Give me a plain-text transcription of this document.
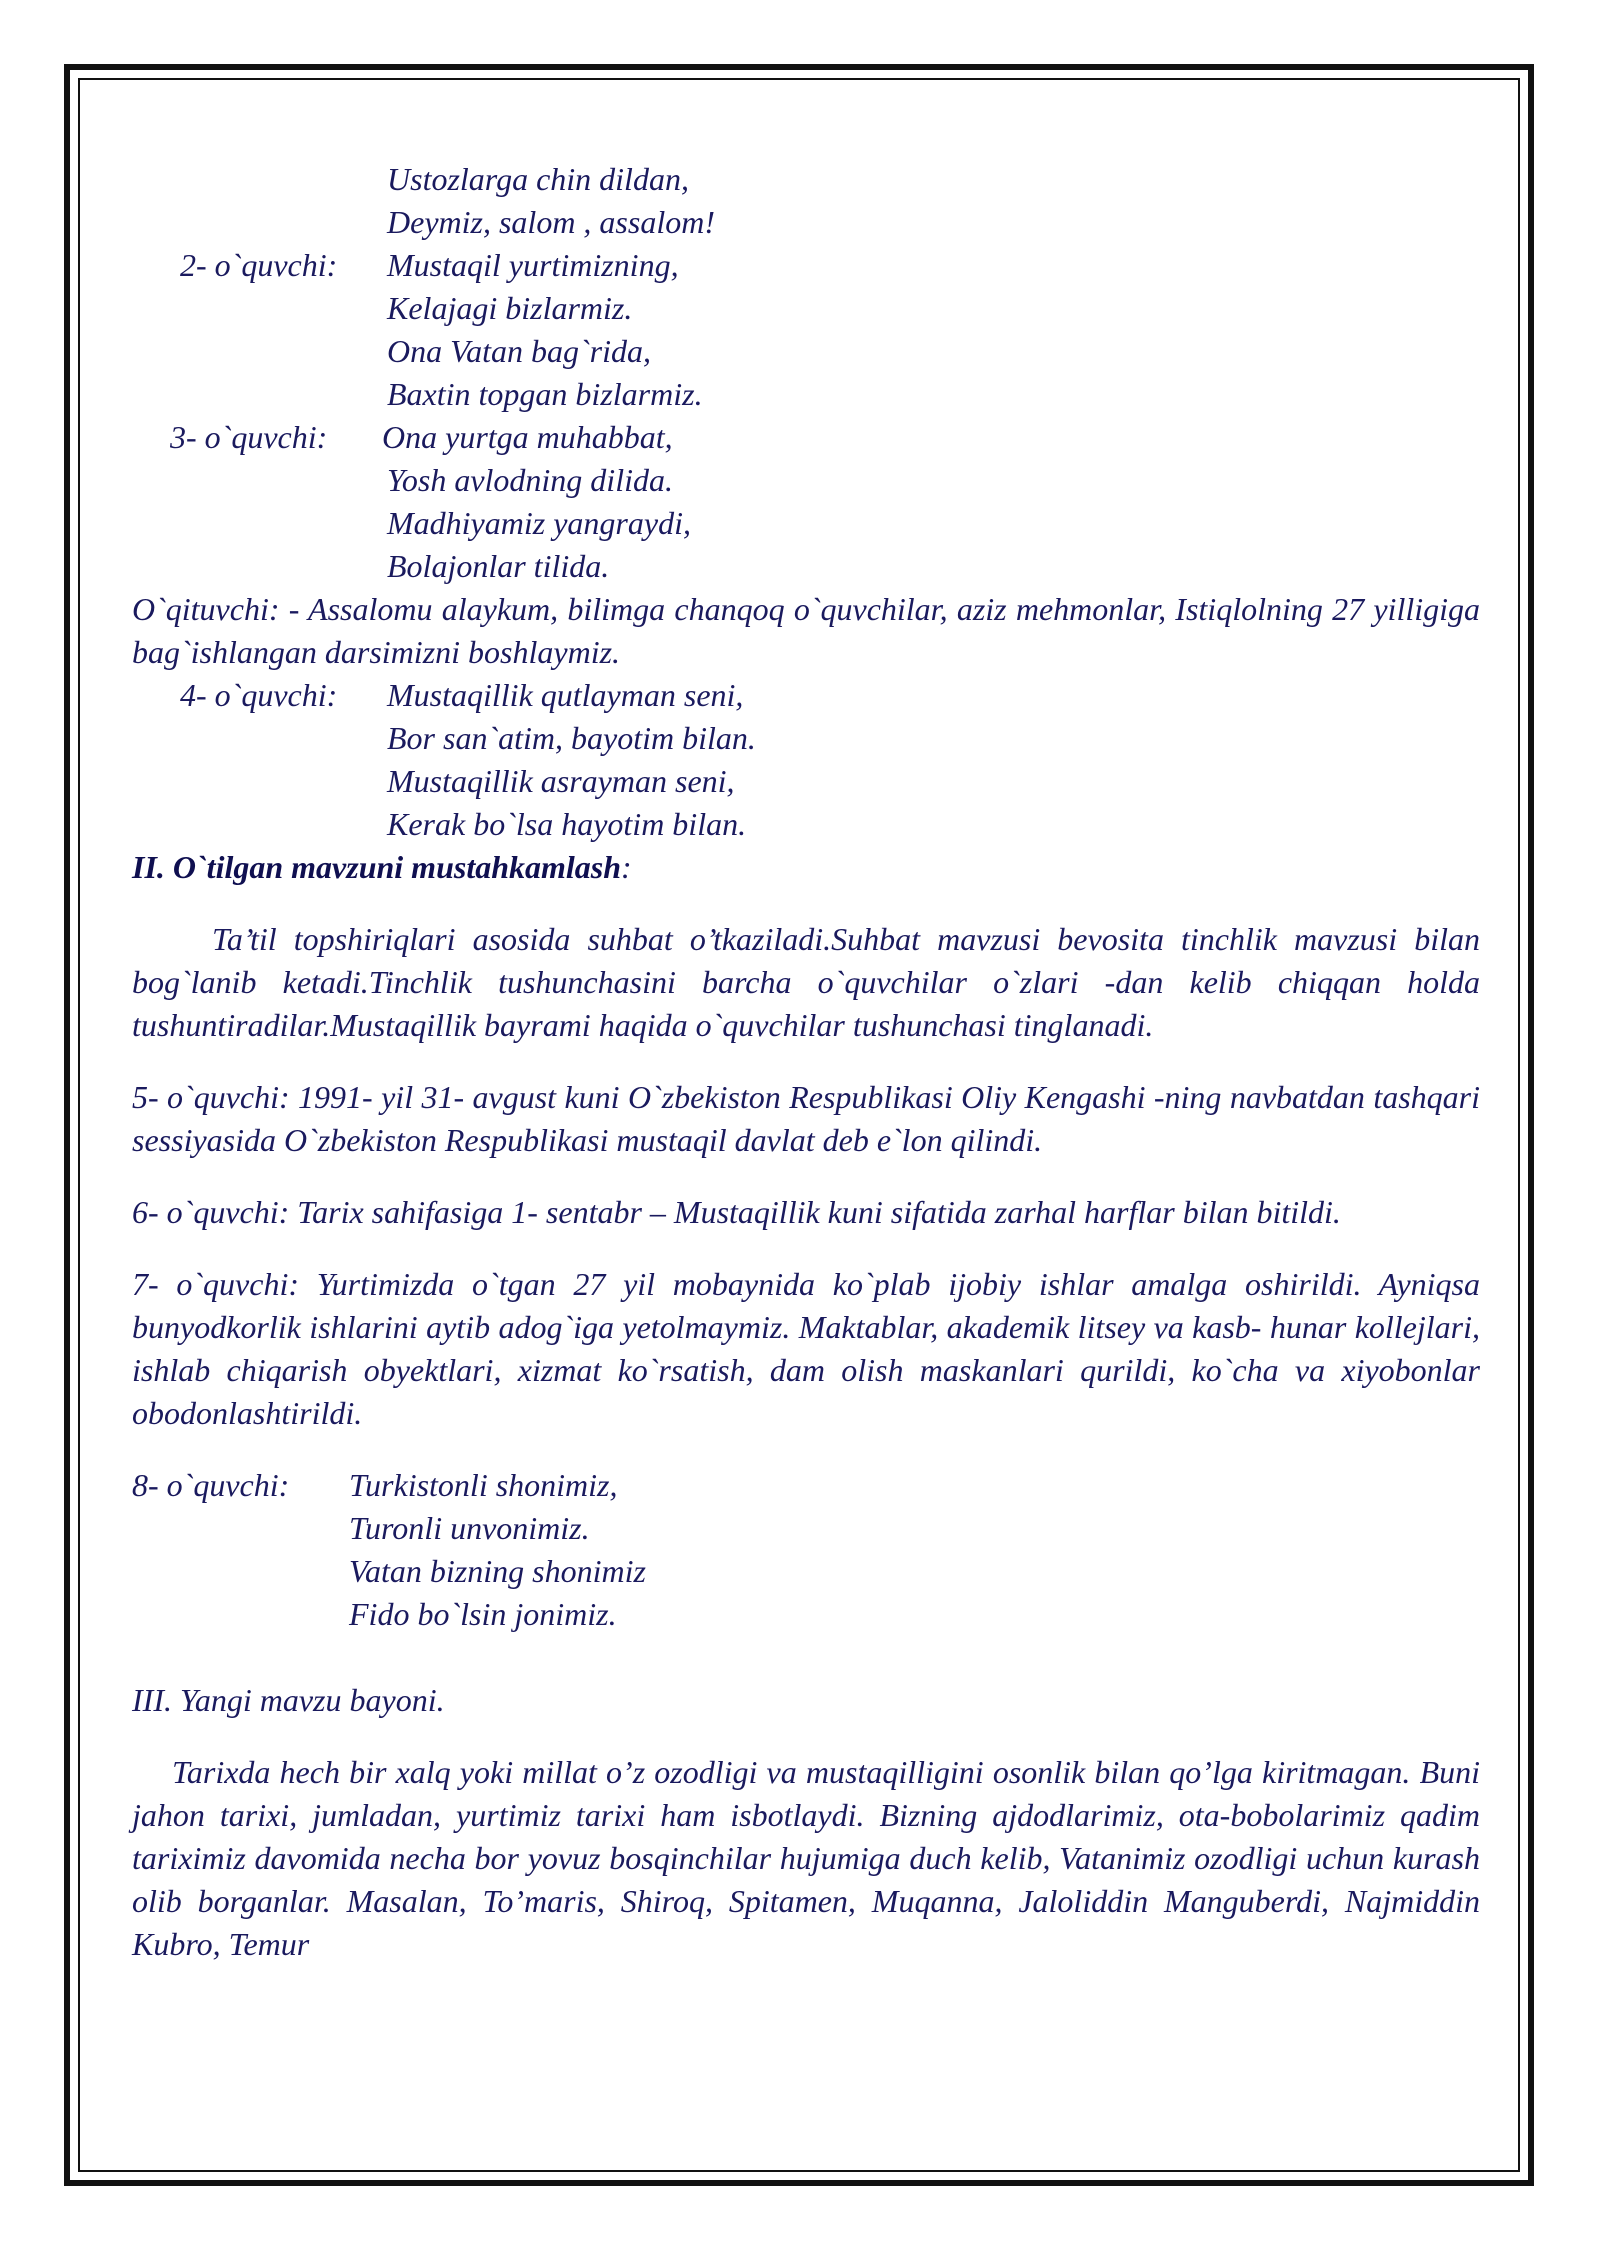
Ustozlarga chin dildan,

Deymiz, salom , assalom!

2- o`quvchi: Mustaqil yurtimizning,

Kelajagi bizlarmiz.

Ona Vatan bag`rida,

Baxtin topgan bizlarmiz.

3- o`quvchi: Ona yurtga muhabbat,

Yosh avlodning dilida.

Madhiyamiz yangraydi,

Bolajonlar tilida.

O`qituvchi: - Assalomu alaykum, bilimga chanqoq o`quvchilar, aziz mehmonlar, Istiqlolning 27 yilligiga bag`ishlangan darsimizni boshlaymiz.

4- o`quvchi: Mustaqillik qutlayman seni,

Bor san`atim, bayotim bilan.

Mustaqillik asrayman seni,

Kerak bo`lsa hayotim bilan.

II. O`tilgan mavzuni mustahkamlash:

Ta’til topshiriqlari asosida suhbat o’tkaziladi.Suhbat mavzusi bevosita tinchlik mavzusi bilan bog`lanib ketadi.Tinchlik tushunchasini barcha o`quvchilar o`zlari -dan kelib chiqqan holda tushuntiradilar.Mustaqillik bayrami haqida o`quvchilar tushunchasi tinglanadi.

5- o`quvchi: 1991- yil 31- avgust kuni O`zbekiston Respublikasi Oliy Kengashi -ning navbatdan tashqari sessiyasida O`zbekiston Respublikasi mustaqil davlat deb e`lon qilindi.

6- o`quvchi: Tarix sahifasiga 1- sentabr – Mustaqillik kuni sifatida zarhal harflar bilan bitildi.

7- o`quvchi: Yurtimizda o`tgan 27 yil mobaynida ko`plab ijobiy ishlar amalga oshirildi. Ayniqsa bunyodkorlik ishlarini aytib adog`iga yetolmaymiz. Maktablar, akademik litsey va kasb- hunar kollejlari, ishlab chiqarish obyektlari, xizmat ko`rsatish, dam olish maskanlari qurildi, ko`cha va xiyobonlar obodonlashtirildi.

8- o`quvchi: Turkistonli shonimiz,

Turonli unvonimiz.

Vatan bizning shonimiz

Fido bo`lsin jonimiz.

III. Yangi mavzu bayoni.

Tarixda hech bir xalq yoki millat o’z ozodligi va mustaqilligini osonlik bilan qo’lga kiritmagan. Buni jahon tarixi, jumladan, yurtimiz tarixi ham isbotlaydi. Bizning ajdodlarimiz, ota-bobolarimiz qadim tariximiz davomida necha bor yovuz bosqinchilar hujumiga duch kelib, Vatanimiz ozodligi uchun kurash olib borganlar. Masalan, To’maris, Shiroq, Spitamen, Muqanna, Jaloliddin Manguberdi, Najmiddin Kubro, Temur
